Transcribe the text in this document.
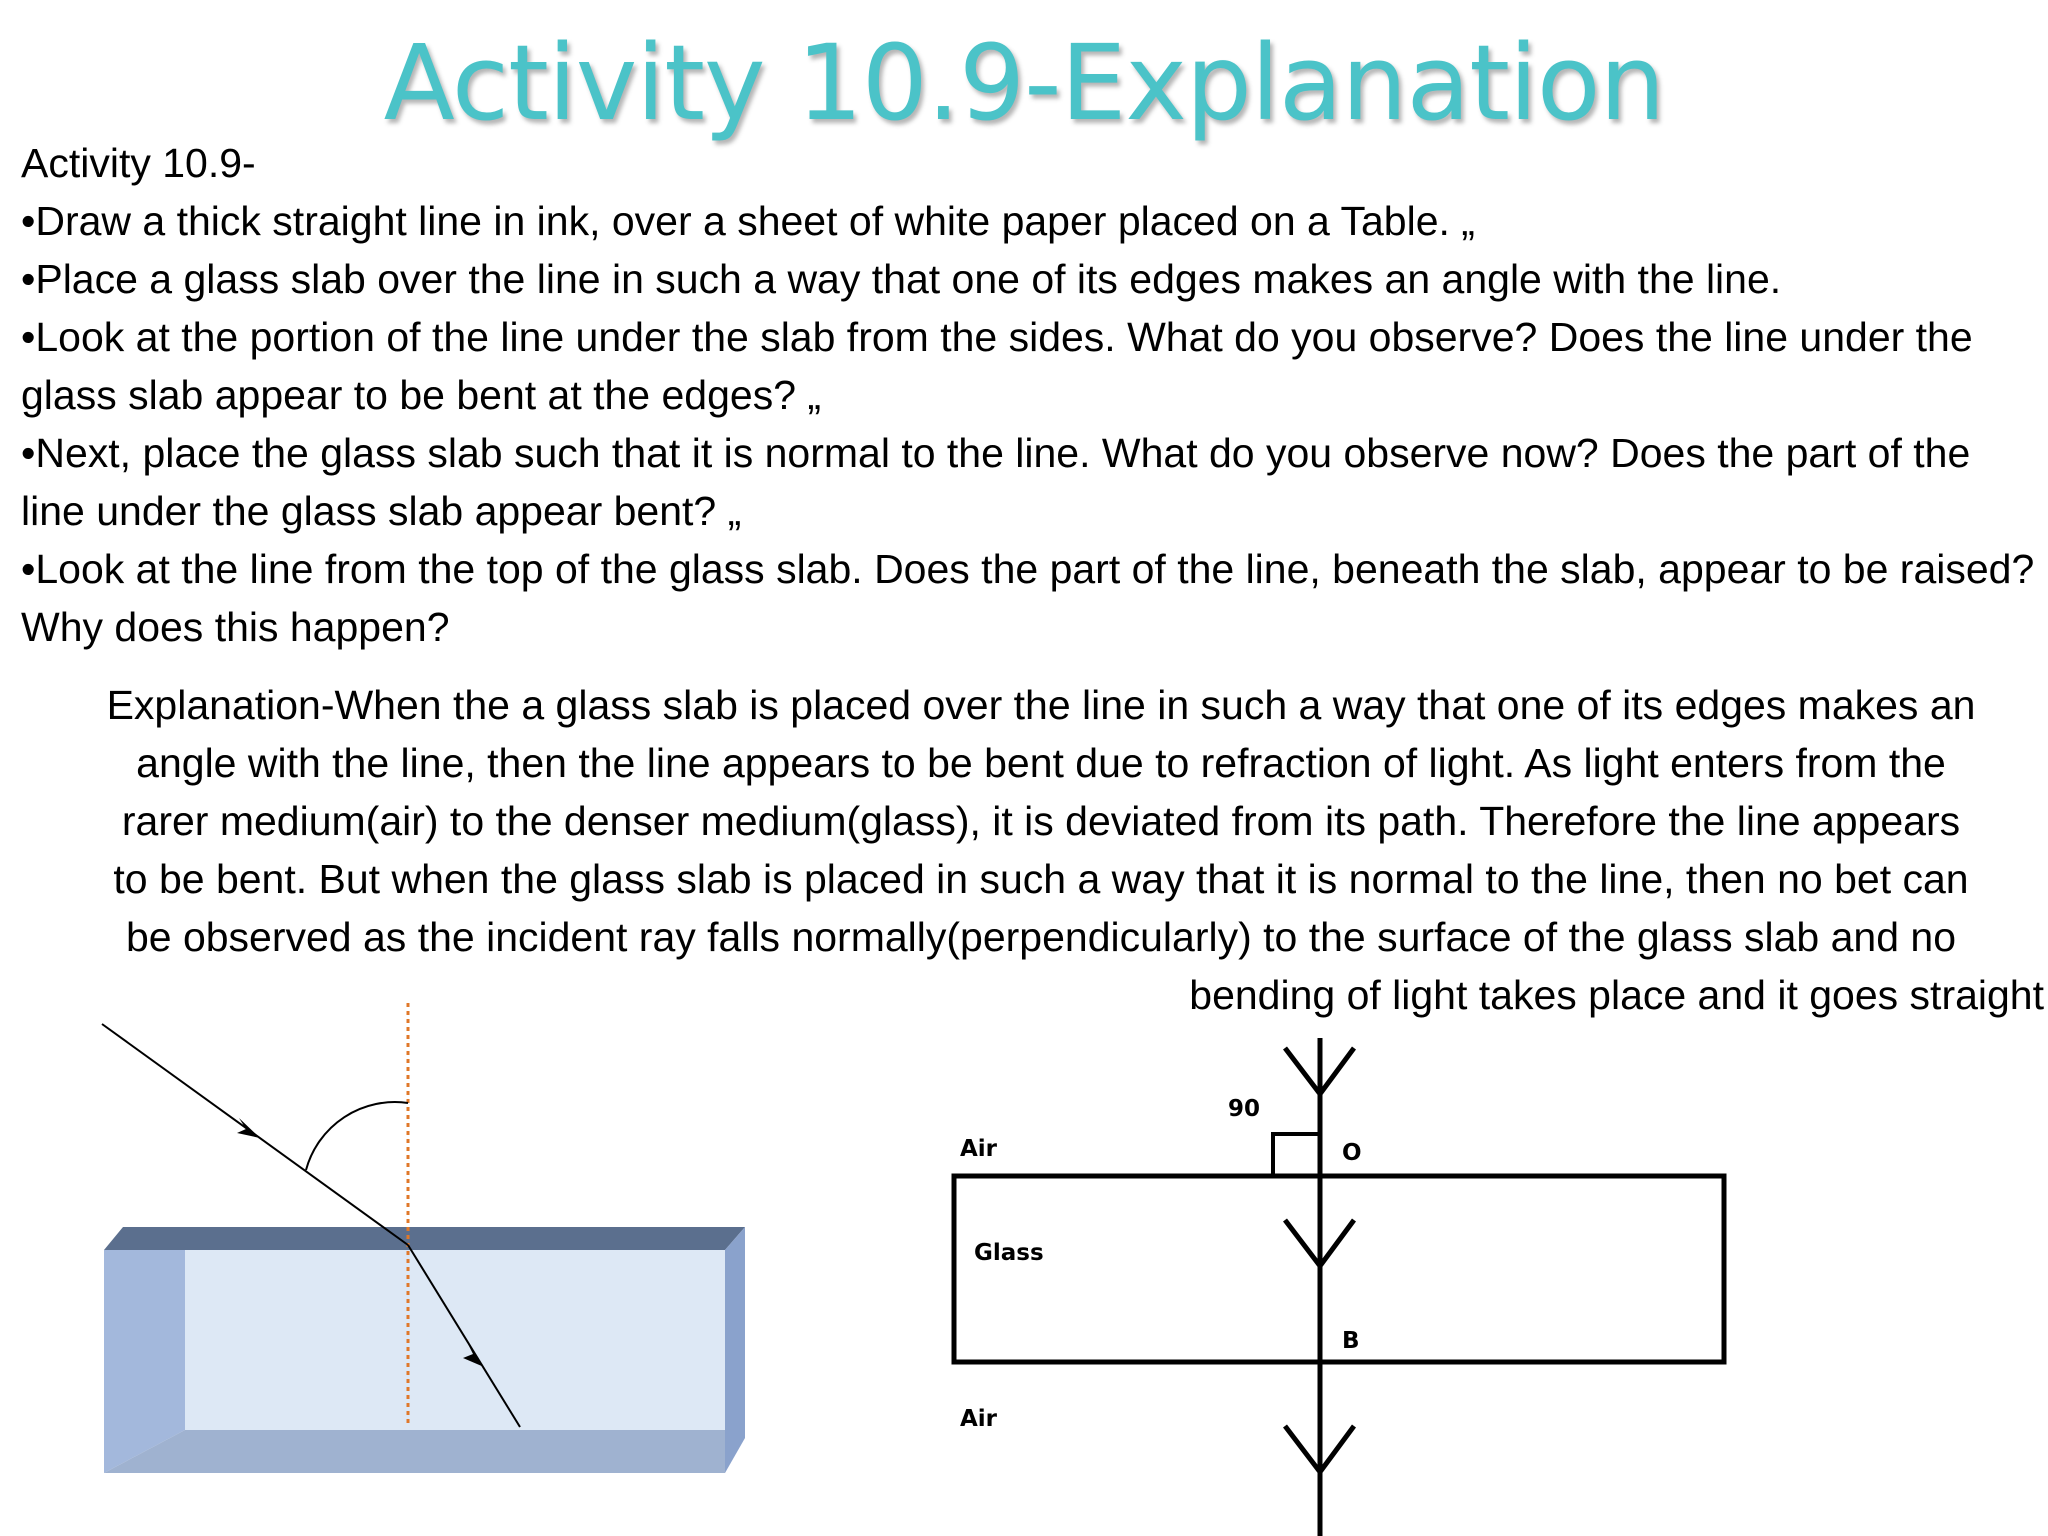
Activity 10.9-Explanation

Activity 10.9-

•Draw a thick straight line in ink, over a sheet of white paper placed on a Table. „

•Place a glass slab over the line in such a way that one of its edges makes an angle with the line.

•Look at the portion of the line under the slab from the sides. What do you observe? Does the line under the glass slab appear to be bent at the edges? „

•Next, place the glass slab such that it is normal to the line. What do you observe now? Does the part of the line under the glass slab appear bent? „

•Look at the line from the top of the glass slab. Does the part of the line, beneath the slab, appear to be raised? Why does this happen?

Explanation-When the a glass slab is placed over the line in such a way that one of its edges makes an
angle with the line, then the line appears to be bent due to refraction of light. As light enters from the
rarer medium(air) to the denser medium(glass), it is deviated from its path. Therefore the line appears
to be bent. But when the glass slab is placed in such a way that it is normal to the line, then no bet can
be observed as the incident ray falls normally(perpendicularly) to the surface of the glass slab and no
bending of light takes place and it goes straight
90
Air	O
Glass
B
Air
